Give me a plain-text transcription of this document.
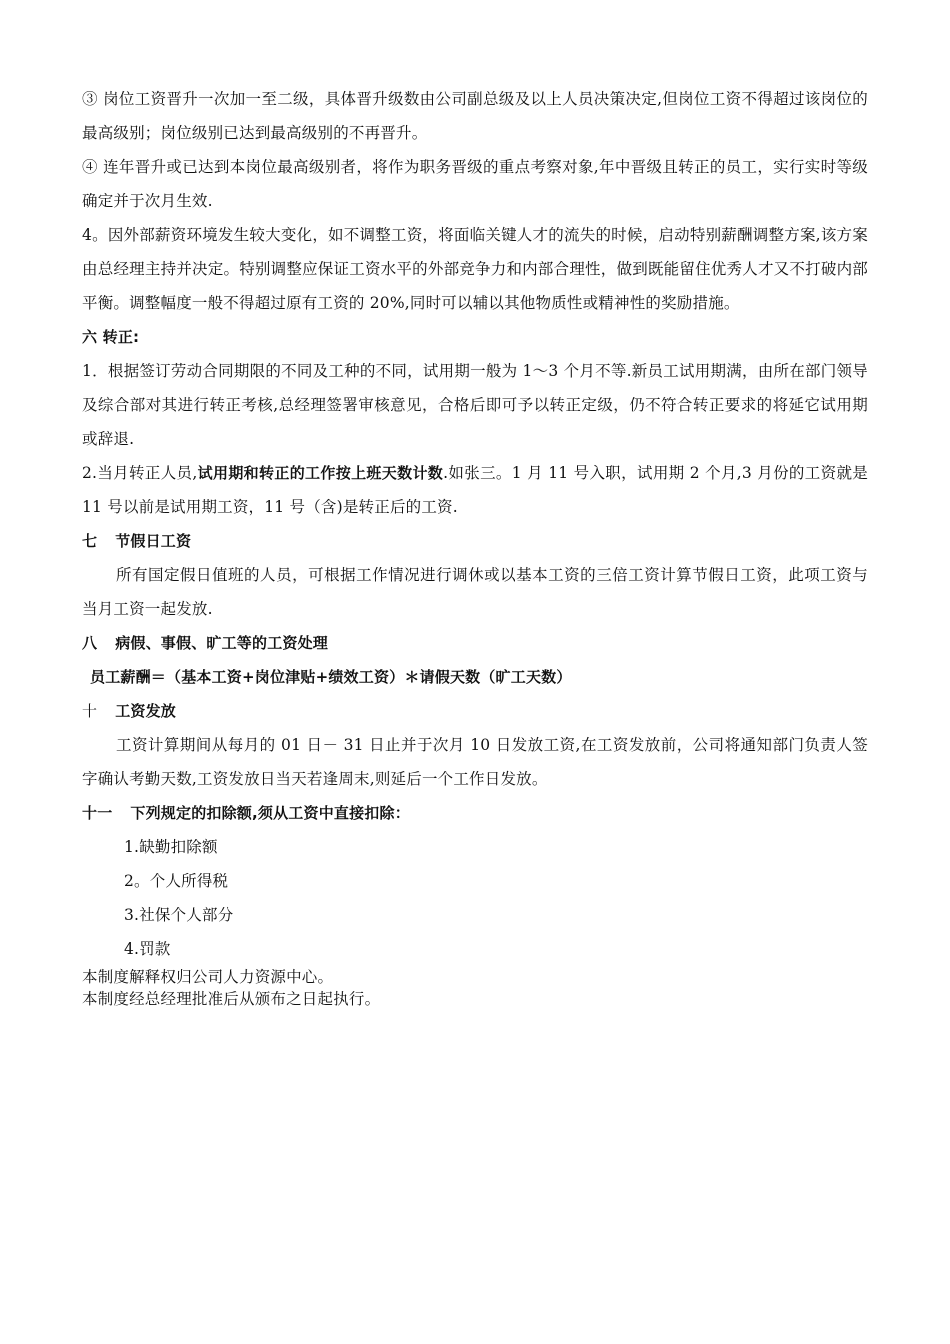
③ 岗位工资晋升一次加一至二级，具体晋升级数由公司副总级及以上人员决策决定,但岗位工资不得超过该岗位的最高级别；岗位级别已达到最高级别的不再晋升。

④ 连年晋升或已达到本岗位最高级别者，将作为职务晋级的重点考察对象,年中晋级且转正的员工，实行实时等级确定并于次月生效.

4。因外部薪资环境发生较大变化，如不调整工资，将面临关键人才的流失的时候，启动特别薪酬调整方案,该方案由总经理主持并决定。特别调整应保证工资水平的外部竞争力和内部合理性，做到既能留住优秀人才又不打破内部平衡。调整幅度一般不得超过原有工资的 20%,同时可以辅以其他物质性或精神性的奖励措施。

六 转正:

1．根据签订劳动合同期限的不同及工种的不同，试用期一般为 1～3 个月不等.新员工试用期满，由所在部门领导及综合部对其进行转正考核,总经理签署审核意见，合格后即可予以转正定级，仍不符合转正要求的将延它试用期或辞退.

2.当月转正人员,试用期和转正的工作按上班天数计数.如张三。1 月 11 号入职，试用期 2 个月,3 月份的工资就是 11 号以前是试用期工资，11 号（含)是转正后的工资.

七 节假日工资

所有国定假日值班的人员，可根据工作情况进行调休或以基本工资的三倍工资计算节假日工资，此项工资与当月工资一起发放.

八 病假、事假、旷工等的工资处理

员工薪酬＝（基本工资+岗位津贴+绩效工资）＊请假天数（旷工天数）

十 工资发放

工资计算期间从每月的 01 日－ 31 日止并于次月 10 日发放工资,在工资发放前，公司将通知部门负责人签字确认考勤天数,工资发放日当天若逢周末,则延后一个工作日发放。

十一 下列规定的扣除额,须从工资中直接扣除：

1.缺勤扣除额

2。个人所得税

3.社保个人部分

4.罚款

本制度解释权归公司人力资源中心。

本制度经总经理批准后从颁布之日起执行。
